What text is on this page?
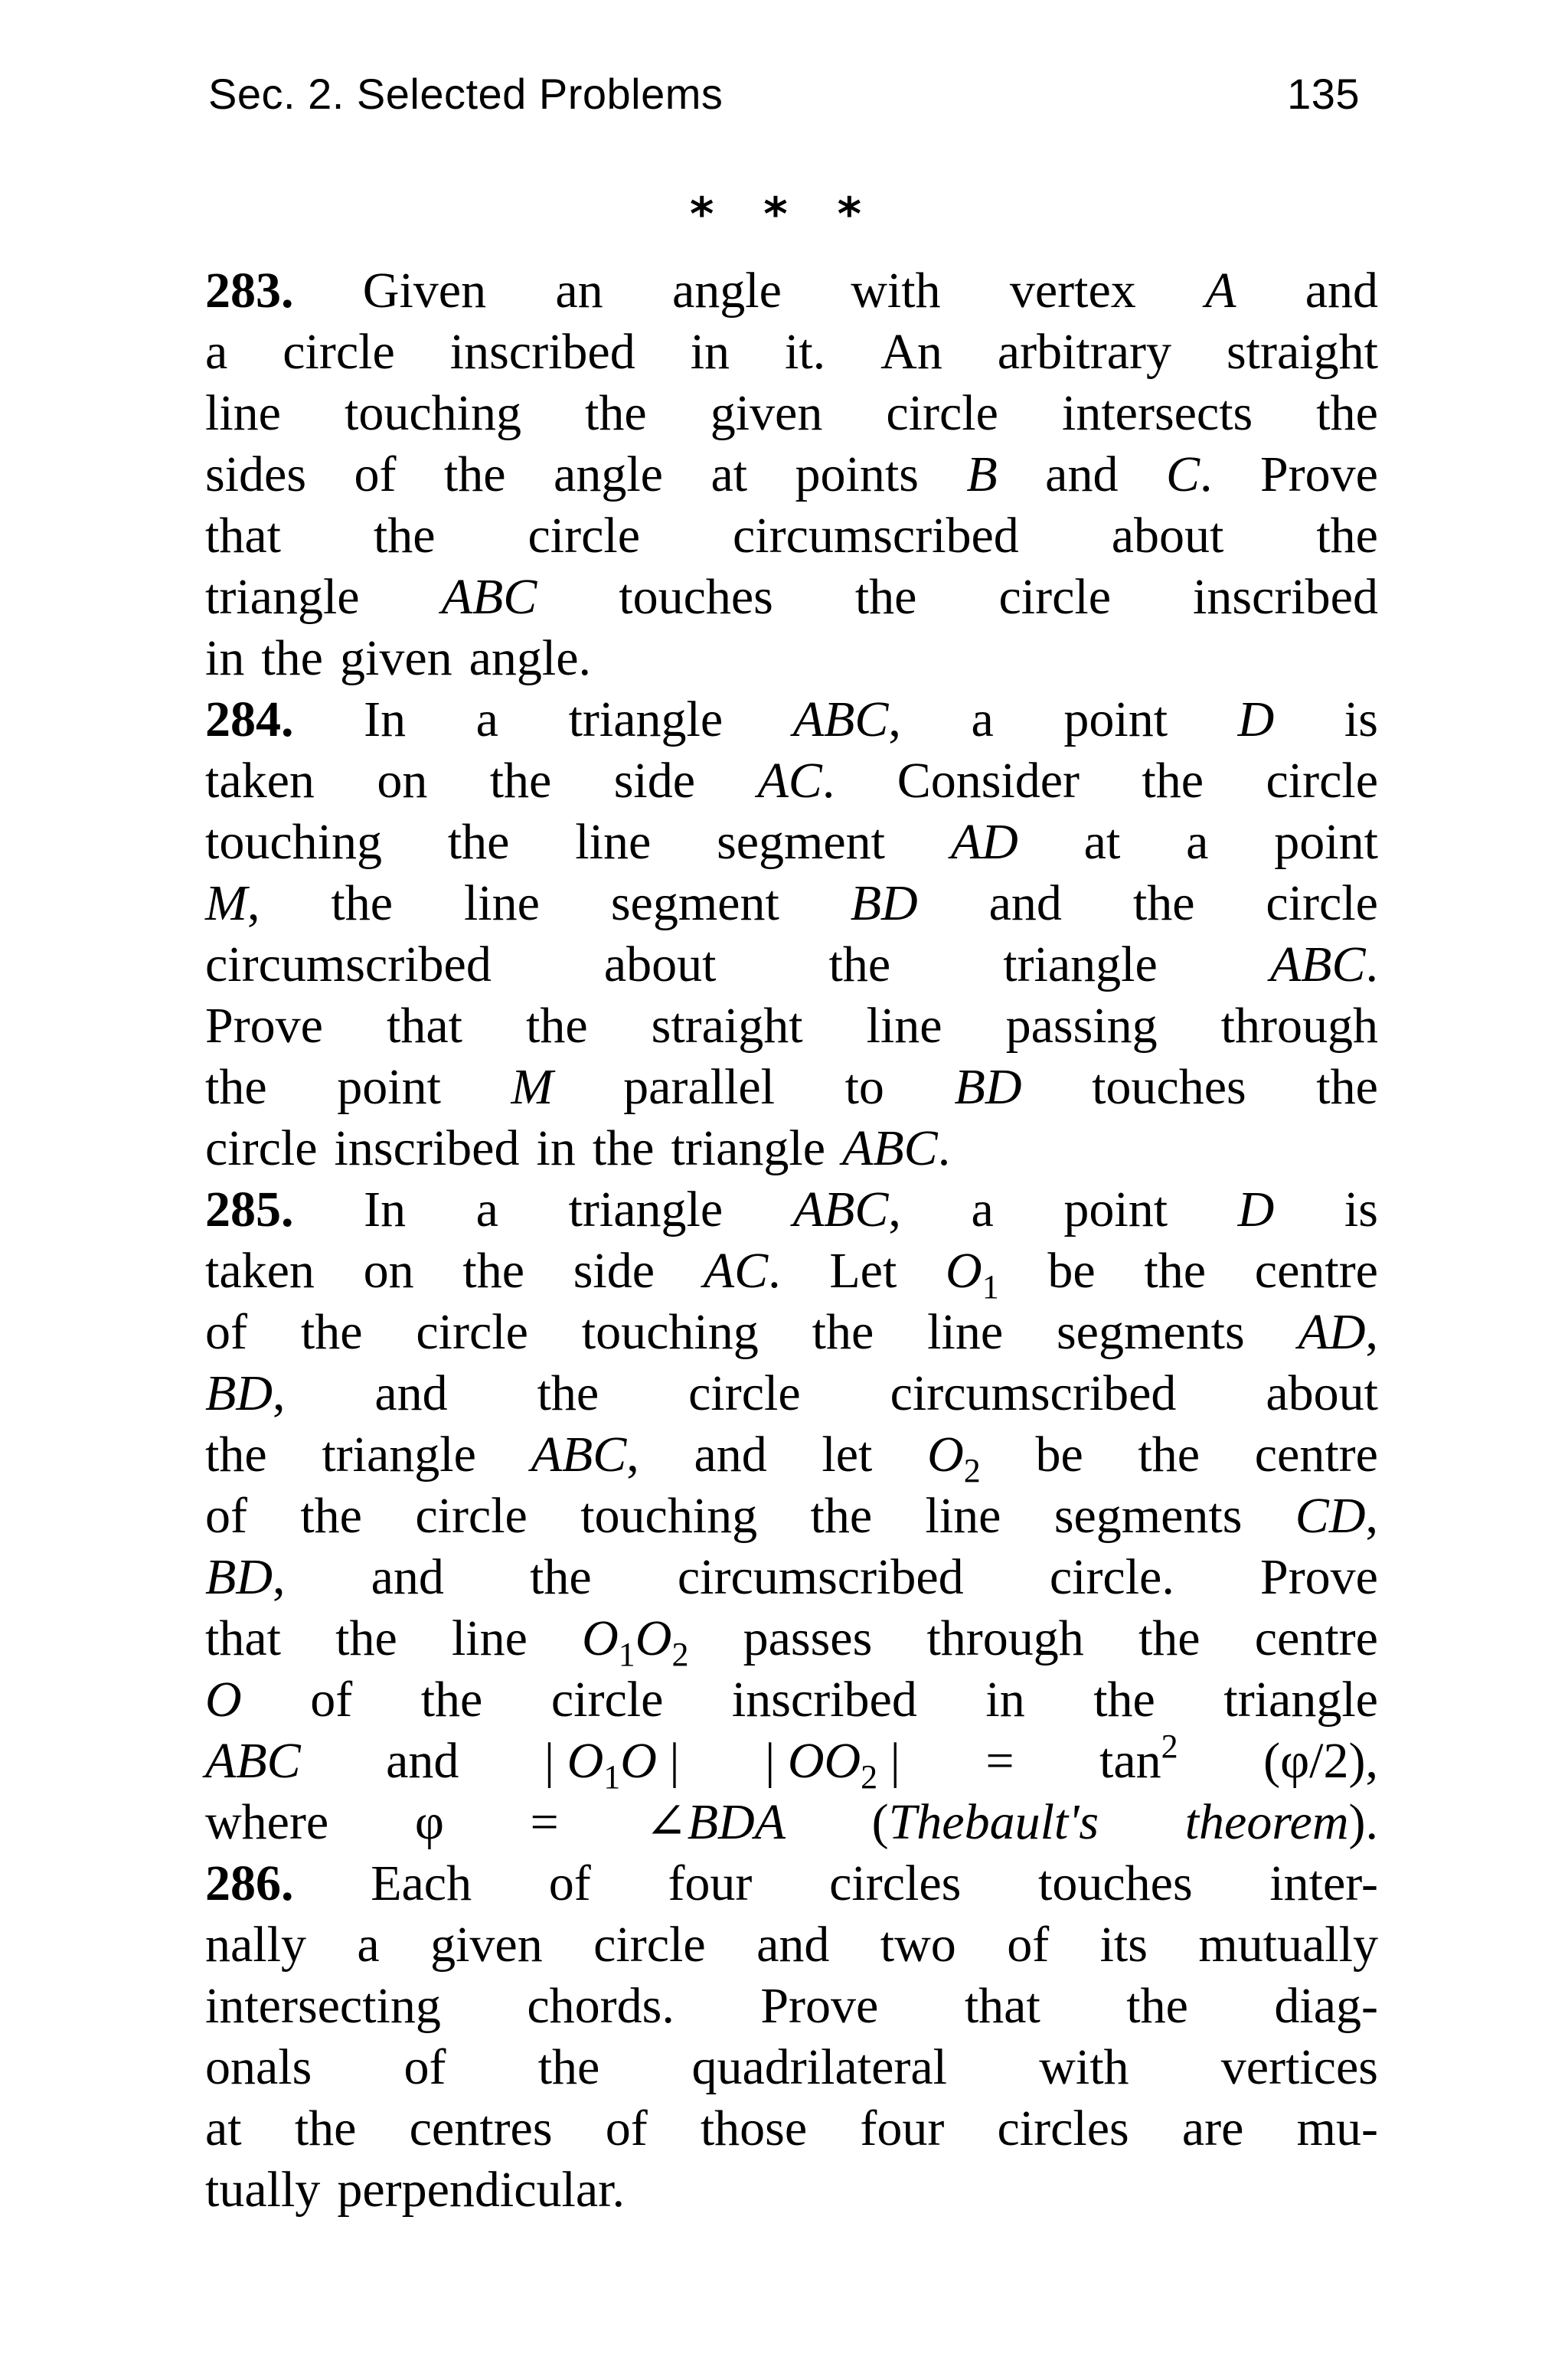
Sec. 2. Selected Problems	135
* * *
283. Given an angle with vertex A and
a circle inscribed in it. An arbitrary straight
line touching the given circle intersects the
sides of the angle at points B and C. Prove
that the circle circumscribed about the
triangle ABC touches the circle inscribed
in the given angle.
284. In a triangle ABC, a point D is
taken on the side AC. Consider the circle
touching the line segment AD at a point
M, the line segment BD and the circle
circumscribed about the triangle ABC.
Prove that the straight line passing through
the point M parallel to BD touches the
circle inscribed in the triangle ABC.
285. In a triangle ABC, a point D is
taken on the side AC. Let $O_1$ be the centre
of the circle touching the line segments AD,
BD, and the circle circumscribed about
the triangle ABC, and let $O_2$ be the centre
of the circle touching the line segments CD,
BD, and the circumscribed circle. Prove
that the line $O_1O_2$ passes through the centre
O of the circle inscribed in the triangle
ABC and | $O_1O$ | | $OO_2$ | = $\tan^2 (\varphi/2)$,
where φ = ∠BDA (Thebault's theorem).
286. Each of four circles touches inter-
nally a given circle and two of its mutually
intersecting chords. Prove that the diag-
onals of the quadrilateral with vertices
at the centres of those four circles are mu-
tually perpendicular.
